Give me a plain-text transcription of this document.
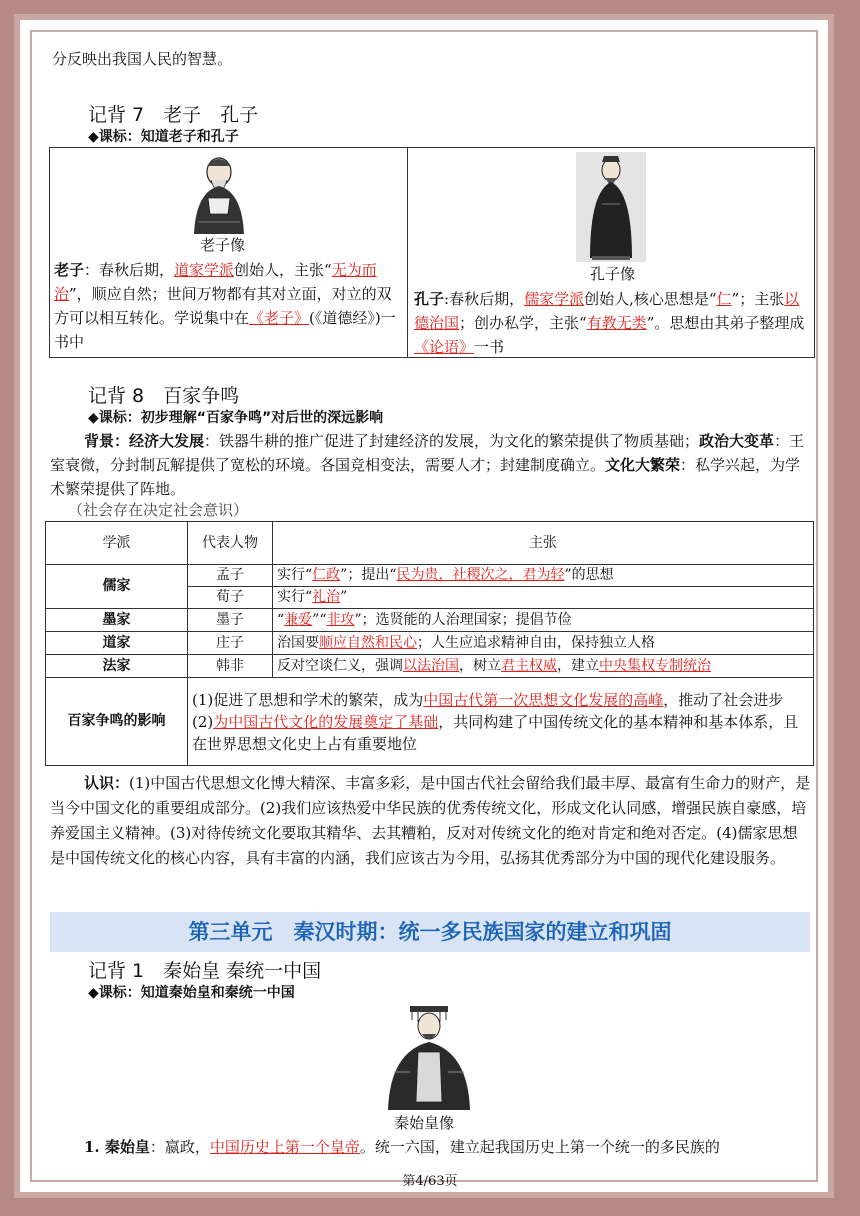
分反映出我国人民的智慧。
记背 7　老子　孔子
◆课标：知道老子和孔子
老子像
老子：春秋后期，道家学派创始人，主张“无为而治”，顺应自然；世间万物都有其对立面，对立的双方可以相互转化。学说集中在《老子》(《道德经》)一书中
孔子像
孔子:春秋后期，儒家学派创始人,核心思想是“仁”；主张以德治国；创办私学，主张“有教无类”。思想由其弟子整理成《论语》一书
记背 8　百家争鸣
◆课标：初步理解“百家争鸣”对后世的深远影响
背景：经济大发展：铁器牛耕的推广促进了封建经济的发展，为文化的繁荣提供了物质基础；政治大变革：王室衰微，分封制瓦解提供了宽松的环境。各国竞相变法，需要人才；封建制度确立。文化大繁荣：私学兴起，为学术繁荣提供了阵地。
（社会存在决定社会意识）
学派	代表人物	主张
儒家	孟子	实行“仁政”；提出“民为贵，社稷次之，君为轻”的思想
	荀子	实行“礼治”
墨家	墨子	“兼爱”“非攻”；选贤能的人治理国家；提倡节俭
道家	庄子	治国要顺应自然和民心；人生应追求精神自由，保持独立人格
法家	韩非	反对空谈仁义，强调以法治国，树立君主权威，建立中央集权专制统治
百家争鸣的影响	(1)促进了思想和学术的繁荣，成为中国古代第一次思想文化发展的高峰，推动了社会进步
(2)为中国古代文化的发展奠定了基础，共同构建了中国传统文化的基本精神和基本体系，且在世界思想文化史上占有重要地位	
认识：(1)中国古代思想文化博大精深、丰富多彩，是中国古代社会留给我们最丰厚、最富有生命力的财产，是当今中国文化的重要组成部分。(2)我们应该热爱中华民族的优秀传统文化，形成文化认同感，增强民族自豪感，培养爱国主义精神。(3)对待传统文化要取其精华、去其糟粕，反对对传统文化的绝对肯定和绝对否定。(4)儒家思想是中国传统文化的核心内容，具有丰富的内涵，我们应该古为今用，弘扬其优秀部分为中国的现代化建设服务。
第三单元　秦汉时期：统一多民族国家的建立和巩固
记背 1　秦始皇 秦统一中国
◆课标：知道秦始皇和秦统一中国
秦始皇像
1. 秦始皇：嬴政，中国历史上第一个皇帝。统一六国，建立起我国历史上第一个统一的多民族的
第4/63页
